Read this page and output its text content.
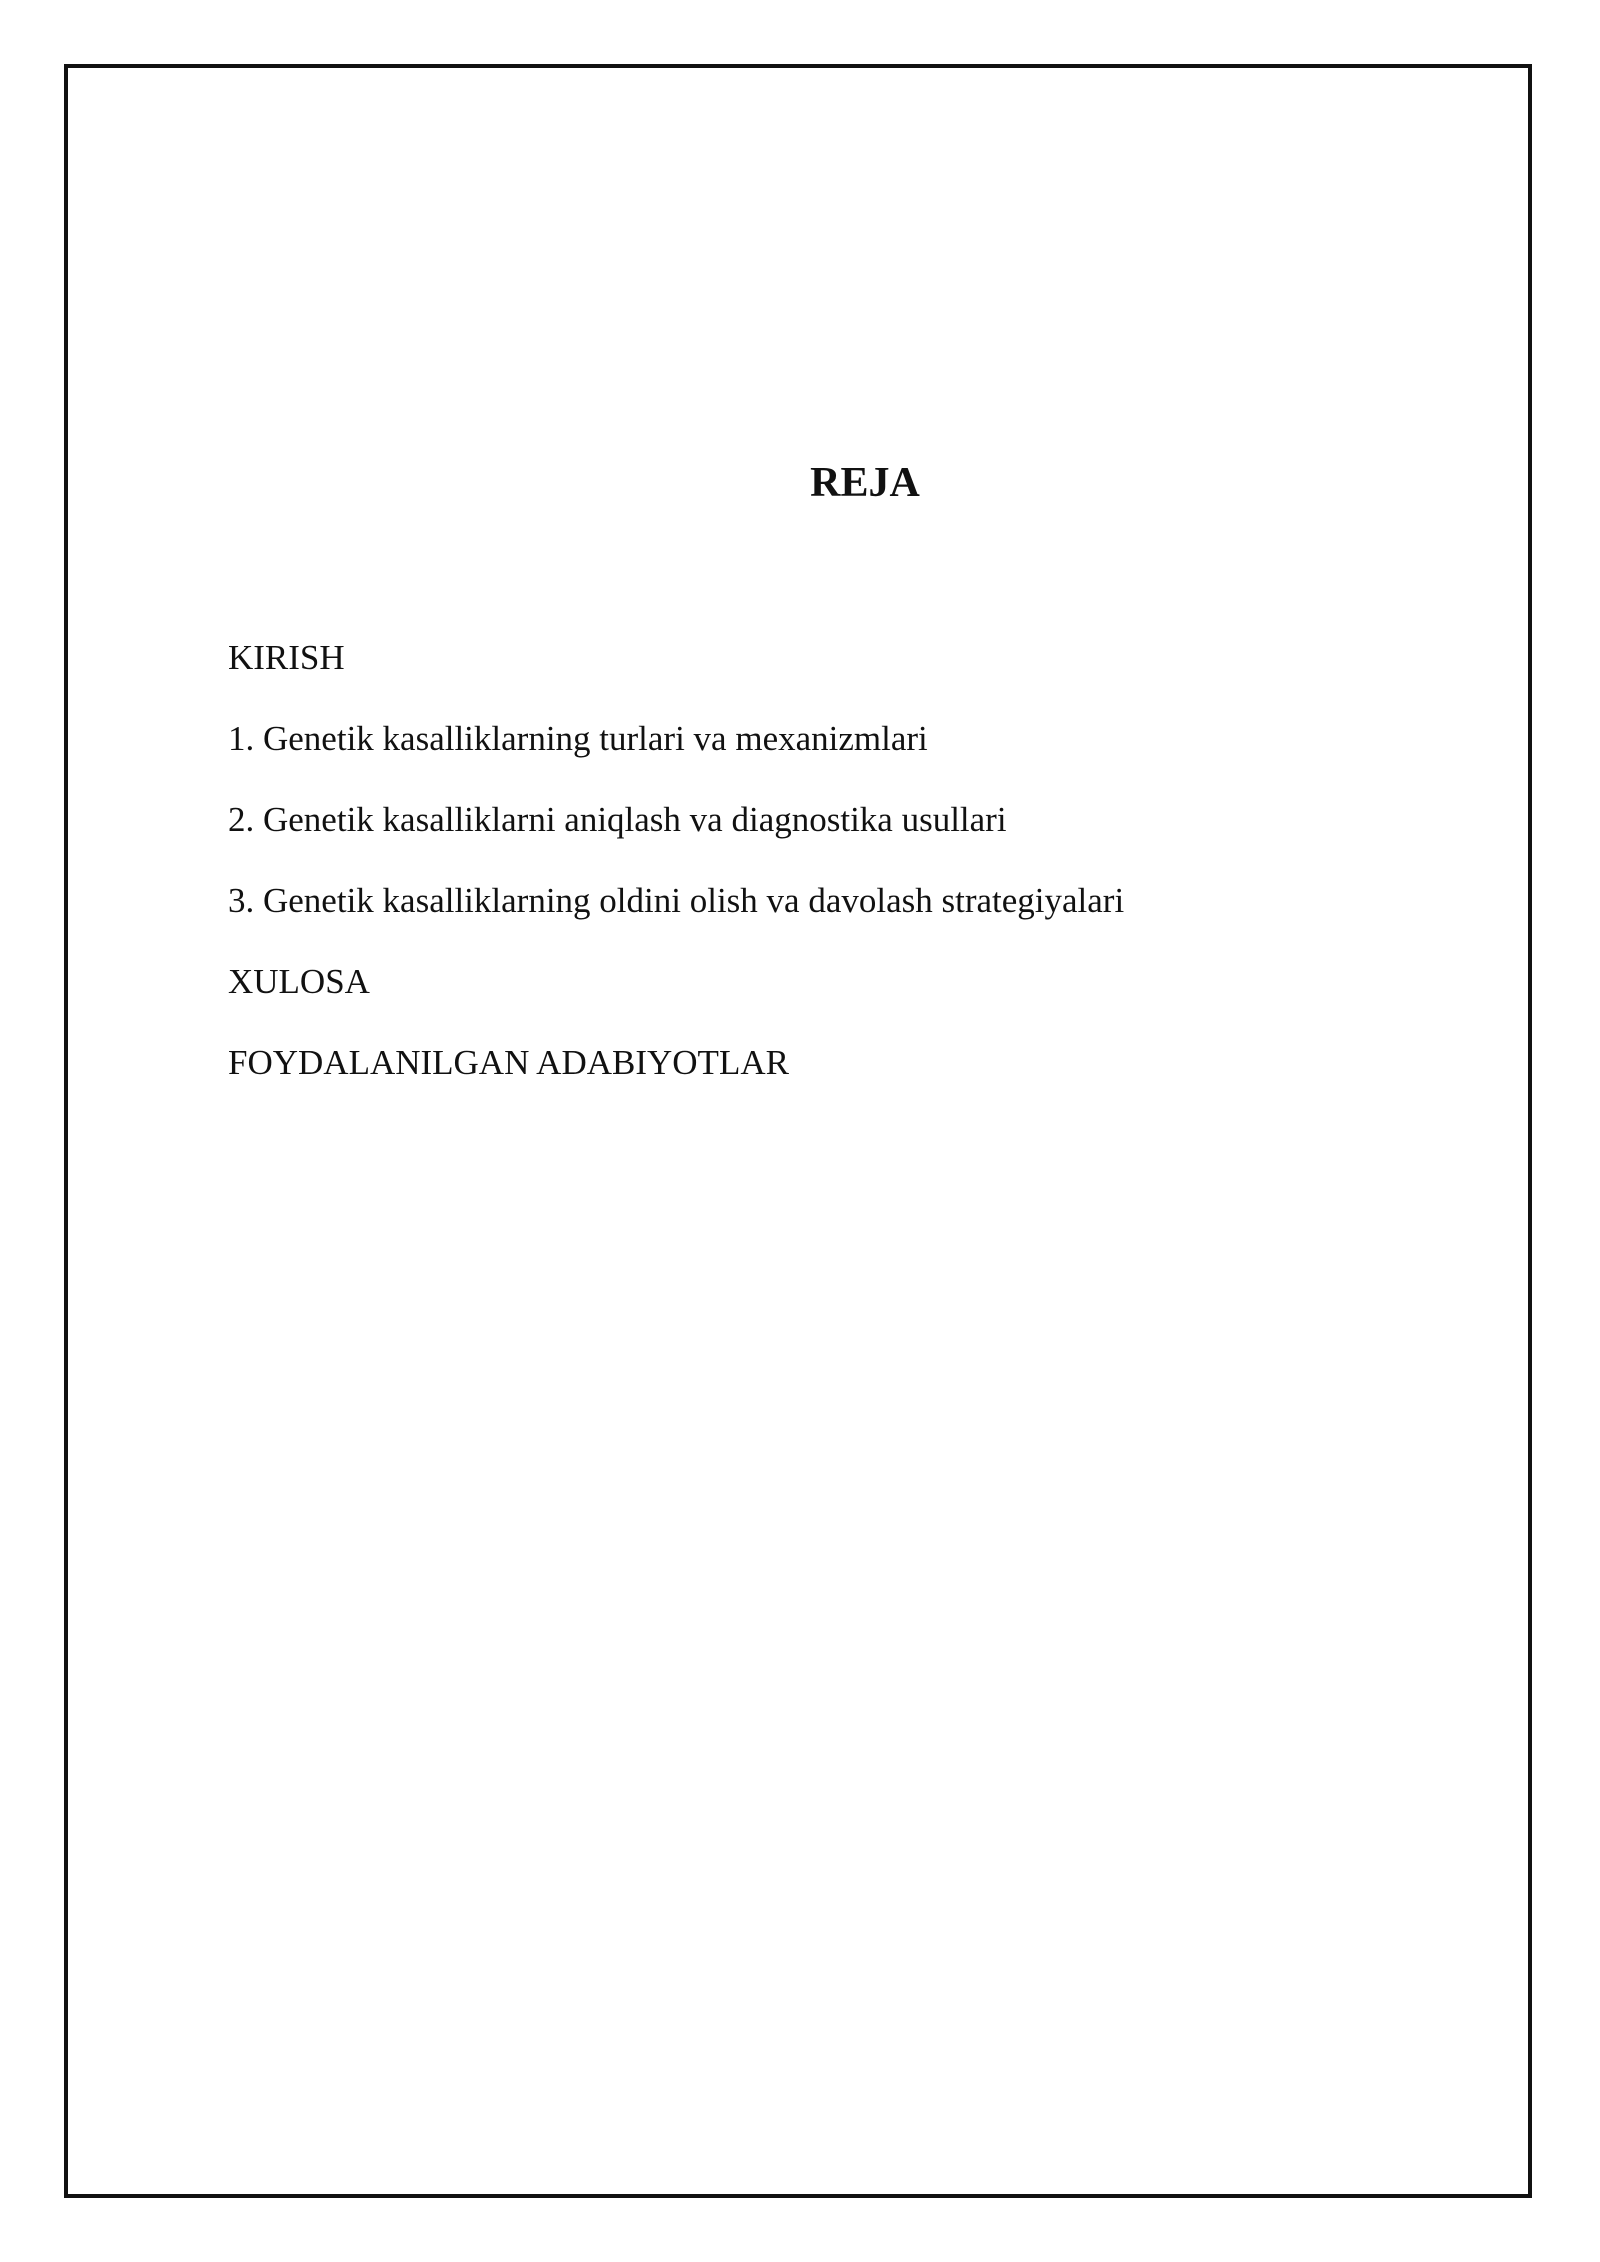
REJA
KIRISH
1. Genetik kasalliklarning turlari va mexanizmlari
2. Genetik kasalliklarni aniqlash va diagnostika usullari
3. Genetik kasalliklarning oldini olish va davolash strategiyalari
XULOSA
FOYDALANILGAN ADABIYOTLAR
